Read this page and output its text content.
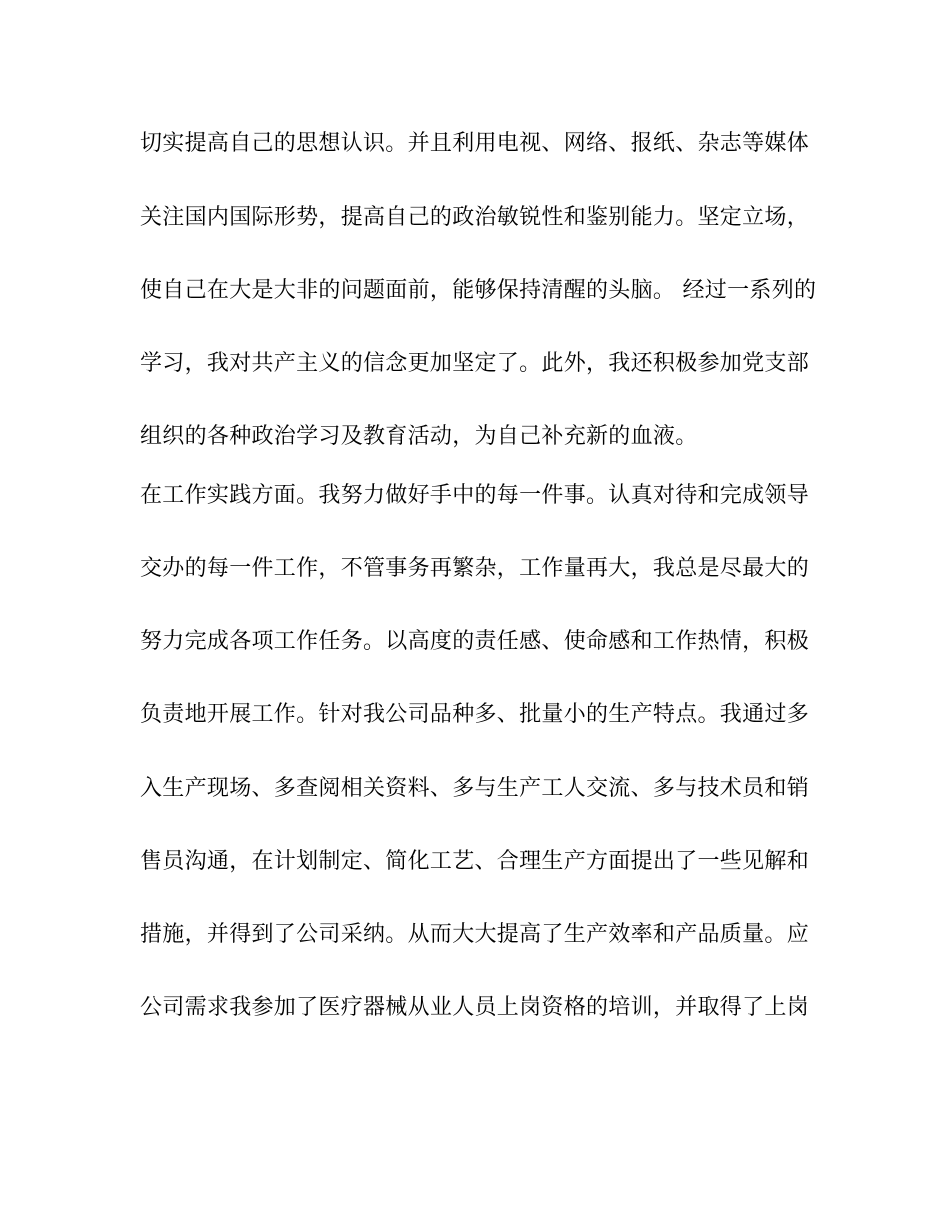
切实提高自己的思想认识。并且利用电视、网络、报纸、杂志等媒体
关注国内国际形势，提高自己的政治敏锐性和鉴别能力。坚定立场，
使自己在大是大非的问题面前，能够保持清醒的头脑。 经过一系列的
学习，我对共产主义的信念更加坚定了。此外，我还积极参加党支部
组织的各种政治学习及教育活动，为自己补充新的血液。
在工作实践方面。我努力做好手中的每一件事。认真对待和完成领导
交办的每一件工作，不管事务再繁杂，工作量再大，我总是尽最大的
努力完成各项工作任务。以高度的责任感、使命感和工作热情，积极
负责地开展工作。针对我公司品种多、批量小的生产特点。我通过多
入生产现场、多查阅相关资料、多与生产工人交流、多与技术员和销
售员沟通，在计划制定、简化工艺、合理生产方面提出了一些见解和
措施，并得到了公司采纳。从而大大提高了生产效率和产品质量。应
公司需求我参加了医疗器械从业人员上岗资格的培训，并取得了上岗
